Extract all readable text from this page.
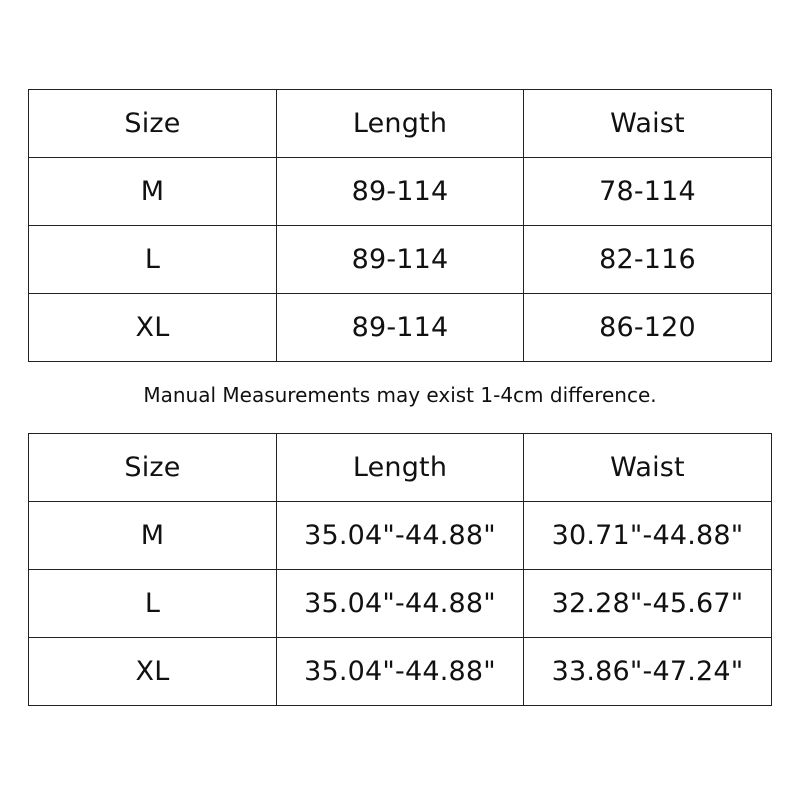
Size	Length	Waist
M	89-114	78-114
L	89-114	82-116
XL	89-114	86-120
Manual Measurements may exist 1-4cm difference.
Size	Length	Waist
M	35.04"-44.88"	30.71"-44.88"
L	35.04"-44.88"	32.28"-45.67"
XL	35.04"-44.88"	33.86"-47.24"
